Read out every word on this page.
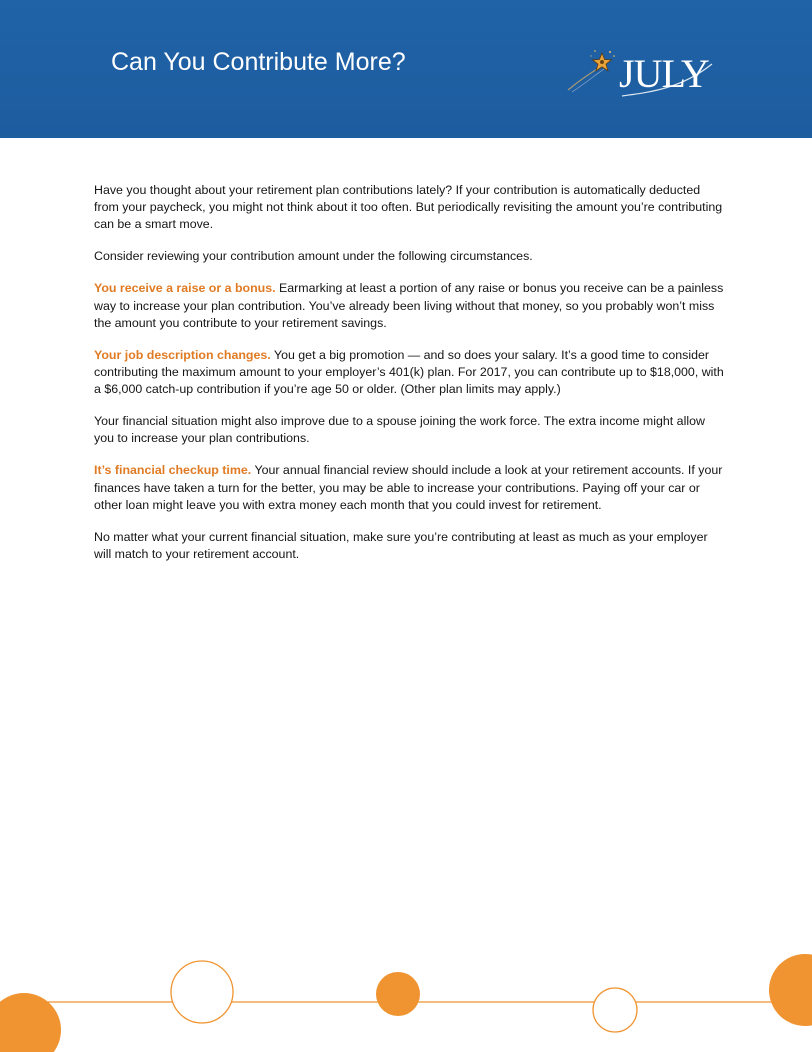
Can You Contribute More?	JULY

Have you thought about your retirement plan contributions lately? If your contribution is automatically deducted from your paycheck, you might not think about it too often. But periodically revisiting the amount you’re contributing can be a smart move.

Consider reviewing your contribution amount under the following circumstances.

You receive a raise or a bonus. Earmarking at least a portion of any raise or bonus you receive can be a painless way to increase your plan contribution. You’ve already been living without that money, so you probably won’t miss the amount you contribute to your retirement savings.

Your job description changes. You get a big promotion — and so does your salary. It’s a good time to consider contributing the maximum amount to your employer’s 401(k) plan. For 2017, you can contribute up to $18,000, with a $6,000 catch-up contribution if you’re age 50 or older. (Other plan limits may apply.)

Your financial situation might also improve due to a spouse joining the work force. The extra income might allow you to increase your plan contributions.

It’s financial checkup time. Your annual financial review should include a look at your retirement accounts. If your finances have taken a turn for the better, you may be able to increase your contributions. Paying off your car or other loan might leave you with extra money each month that you could invest for retirement.

No matter what your current financial situation, make sure you’re contributing at least as much as your employer will match to your retirement account.
